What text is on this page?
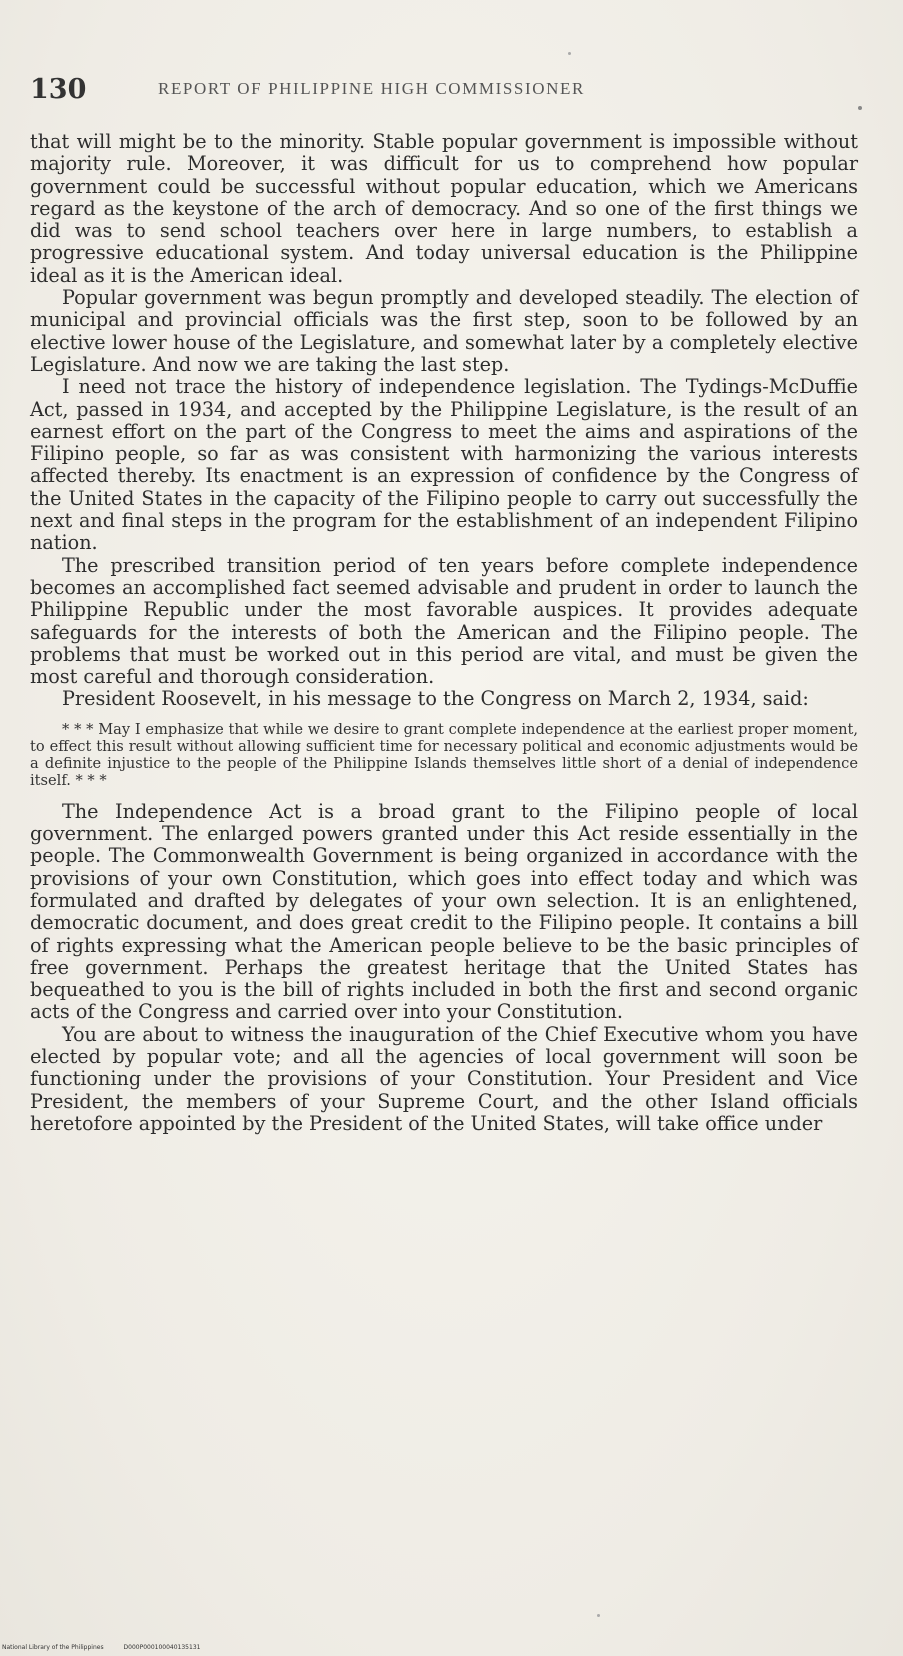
130	REPORT OF PHILIPPINE HIGH COMMISSIONER

that will might be to the minority. Stable popular government is impossible without majority rule. Moreover, it was difficult for us to comprehend how popular government could be successful without popular education, which we Americans regard as the keystone of the arch of democracy. And so one of the first things we did was to send school teachers over here in large numbers, to establish a progressive educational system. And today universal education is the Philippine ideal as it is the American ideal.

Popular government was begun promptly and developed steadily. The election of municipal and provincial officials was the first step, soon to be followed by an elective lower house of the Legislature, and somewhat later by a completely elective Legislature. And now we are taking the last step.

I need not trace the history of independence legislation. The Tydings-McDuffie Act, passed in 1934, and accepted by the Philippine Legislature, is the result of an earnest effort on the part of the Congress to meet the aims and aspirations of the Filipino people, so far as was consistent with harmonizing the various interests affected thereby. Its enactment is an expression of confidence by the Congress of the United States in the capacity of the Filipino people to carry out successfully the next and final steps in the program for the establishment of an independent Filipino nation.

The prescribed transition period of ten years before complete independence becomes an accomplished fact seemed advisable and prudent in order to launch the Philippine Republic under the most favorable auspices. It provides adequate safeguards for the interests of both the American and the Filipino people. The problems that must be worked out in this period are vital, and must be given the most careful and thorough consideration.

President Roosevelt, in his message to the Congress on March 2, 1934, said:

* * * May I emphasize that while we desire to grant complete independence at the earliest proper moment, to effect this result without allowing sufficient time for necessary political and economic adjustments would be a definite injustice to the people of the Philippine Islands themselves little short of a denial of independence itself. * * *

The Independence Act is a broad grant to the Filipino people of local government. The enlarged powers granted under this Act reside essentially in the people. The Commonwealth Government is being organized in accordance with the provisions of your own Constitution, which goes into effect today and which was formulated and drafted by delegates of your own selection. It is an enlightened, democratic document, and does great credit to the Filipino people. It contains a bill of rights expressing what the American people believe to be the basic principles of free government. Perhaps the greatest heritage that the United States has bequeathed to you is the bill of rights included in both the first and second organic acts of the Congress and carried over into your Constitution.

You are about to witness the inauguration of the Chief Executive whom you have elected by popular vote; and all the agencies of local government will soon be functioning under the provisions of your Constitution. Your President and Vice President, the members of your Supreme Court, and the other Island officials heretofore appointed by the President of the United States, will take office under

National Library of the Philippines	D000P000100040135131
